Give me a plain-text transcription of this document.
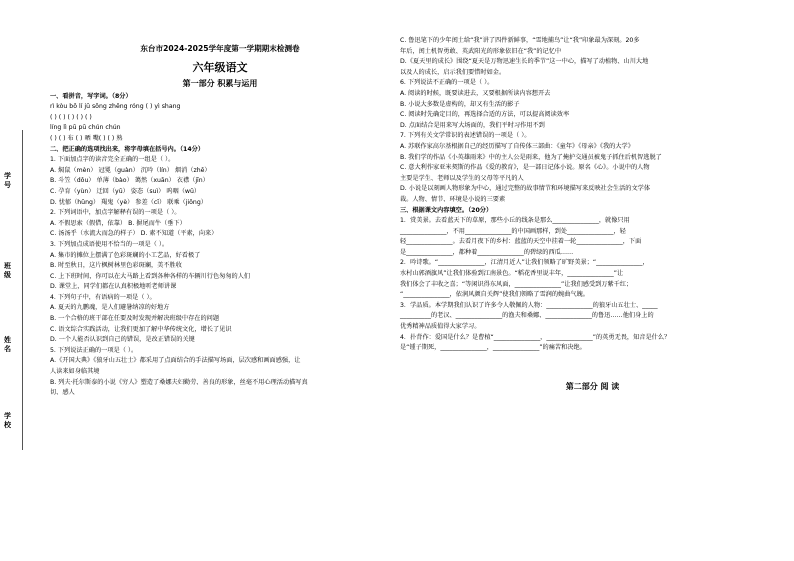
学号
班级
姓名
学校
东台市2024-2025学年度第一学期期末检测卷
六年级语文
第一部分 积累与运用
一、看拼音，写字词。（8分）
rì kòu bō lí jū sōng zhēng róng ( ) yì shang
( ) ( ) ( ) ( ) ( )
líng lì pū pū chún chún
( ) ( ) 布 ( ) 晒 嘴( ) ( ) 熟
二、把正确的选项找出来，将字母填在括号内。（14分）
1. 下面加点字的读音完全正确的一组是（ ）。
A. 焖鼠（mèn） 冠冕（guàn） 沉吟（lín） 烟消（zhē）
B. 斗笠（dǒu） 单薄（bào） 蔼然（xuān） 衣襟（jīn）
C. 孕育（yùn） 迂回（yū） 姿态（suì） 呜咽（wū）
D. 忧郁（hūng） 羯鬼（yè） 参差（cī） 联乘（jiōng）
2. 下列词语中，加点字解释有误的一项是（ ）。
A. 不假思索（假借，依靠） B. 摒尾而牛（垂下）
C. 汤汤乎（水流大而急的样子） D. 素不知道（平素，向来）
3. 下列加点成语使用不恰当的一项是（ ）。
A. 集市的摊位上摆满了色彩斑斓的小工艺品，好看极了
B. 时至秋日，这片枫树林里色彩斑斓，美不胜收
C. 上下班时间，你可以在大马路上看到各种各样的车辆川行色匆匆的人们
D. 课堂上，同学们都在认真积极地听老师讲课
4. 下列句子中，有语病的一项是（ ）。
A. 夏天的九鹏魂，是人们避暑纳凉的好地方
B. 一个合格的班干部在任要及时发现并解决班级中存在的问题
C. 语文综合实践活动，让我们更加了解中华传统文化，增长了见识
D. 一个人能否认识到自己的错误，是改正错误的关键
5. 下列说法正确的一项是（ ）。
A.《开国大典》《狼牙山五壮士》都采用了点面结合的手法描写场面，层次感和画面感强，让
人读来如身临其境
B. 列夫·托尔斯泰的小说《穷人》塑造了桑娜夫妇勤劳、善良的形象，丝毫不用心理活动描写真
切、感人
C. 鲁迅笔下的少年闰土给“我”讲了四件新鲜事，“雪地捕鸟”让“我”印象最为深刻。20多
年后，闰土机智勇敢、英武阳光的形象依旧在“我”的记忆中
D.《夏天里的成长》围绕“夏天是万物迅速生长的季节”这一中心，描写了动植物、山川大地
以及人的成长，启示我们要惜时如金。
6. 下列说法不正确的一项是（ ）。
A. 阅读的时候，既要读进去，又要根据所读内容想开去
B. 小说大多数是虚构的，却又有生活的影子
C. 阅读时先确定目的，再选择合适的方法，可以提高阅读效率
D. 点面结合是用来写大场面的，我们平时习作用不到
7. 下列有关文学常识的表述错误的一项是（ ）。
A. 苏联作家高尔基根据自己的经历描写了自传体三部曲：《童年》《母亲》《我的大学》
B. 我们学的作品《小英雄雨来》中的主人公是雨来，他为了掩护交通员被鬼子抓住后机智逃脱了
C. 意大利作家亚米契斯的作品《爱的教育》，是一部日记体小说。原名《心》。小说中的人物
主要是学生、老师以及学生的父母等平凡的人
D. 小说是以刻画人物形象为中心，通过完整的故事情节和环境描写来反映社会生活的文学体
裁。人物、情节、环境是小说的三要素
三、根据课文内容填空。（20分）
1．赏美景。去看蓝天下的草原，那些小丘的线条是那么_______________，就像只用
_______________，不用_______________的中国画那样，到处_______________，轻
轻_______________。去看月夜下的乡村：蓝蓝的天空中挂着一轮_______________，下面
是_______________，都种着_______________的碧绿的西瓜……
2．吟诗歌。“_______________，江清月近人”让我们领略了旷野美景；“_______________，
水村山郭酒旗风”让我们体验到江南景色。“稻花香里说丰年，_______________”让
我们体会了丰收之喜；“等闲识得东风面，_______________”让我们感受到万紫千红；
“_______________，依润风颜自关辉”使我们领略了雪润的婉曲气魄。
3．学品质。本学期我们认识了许多令人敬佩的人物：_______________的狼牙山五壮士、_____
__________的老汉、_______________的渔夫和桑娜、_______________的鲁迅……他们身上的
优秀精神品质值得大家学习。
4．扑背作：爱国是什么？是曹植“_______________，_______________”的英勇无畏，知音是什么？
是“锺子期死，_______________，_______________”的痛苦和决绝。
第二部分 阅 读
